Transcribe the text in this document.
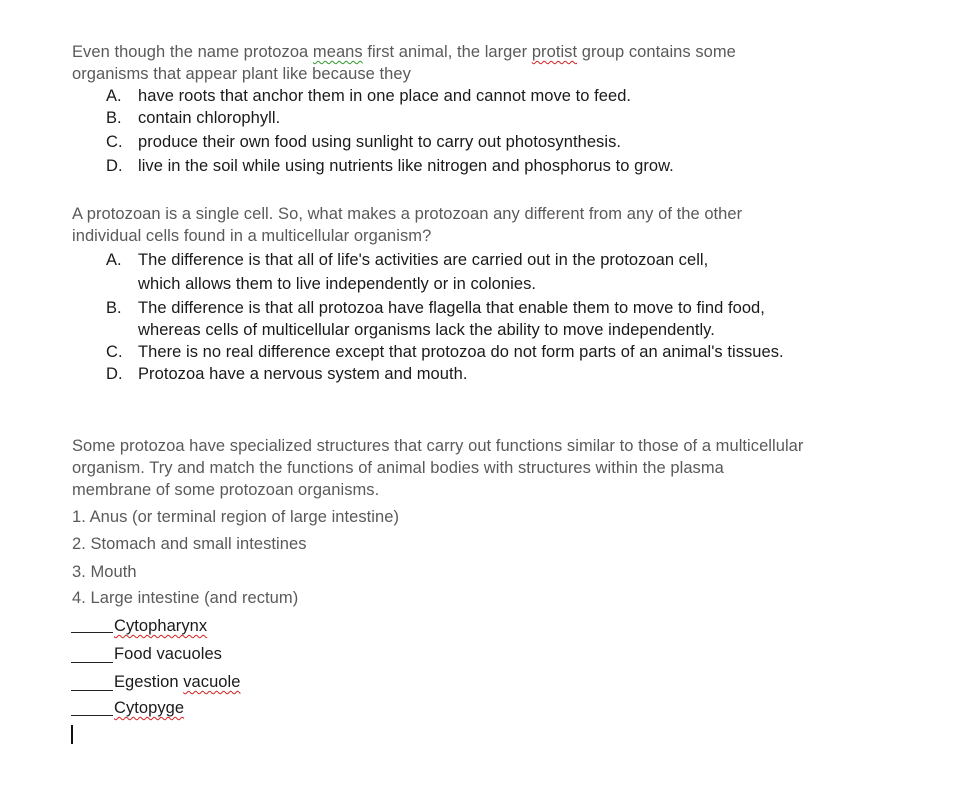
Even though the name protozoa means first animal, the larger protist group contains some
organisms that appear plant like because they
A. have roots that anchor them in one place and cannot move to feed.
B. contain chlorophyll.
C. produce their own food using sunlight to carry out photosynthesis.
D. live in the soil while using nutrients like nitrogen and phosphorus to grow.
A protozoan is a single cell. So, what makes a protozoan any different from any of the other
individual cells found in a multicellular organism?
A. The difference is that all of life's activities are carried out in the protozoan cell,
which allows them to live independently or in colonies.
B. The difference is that all protozoa have flagella that enable them to move to find food,
whereas cells of multicellular organisms lack the ability to move independently.
C. There is no real difference except that protozoa do not form parts of an animal's tissues.
D. Protozoa have a nervous system and mouth.
Some protozoa have specialized structures that carry out functions similar to those of a multicellular
organism. Try and match the functions of animal bodies with structures within the plasma
membrane of some protozoan organisms.
1. Anus (or terminal region of large intestine)
2. Stomach and small intestines
3. Mouth
4. Large intestine (and rectum)
Cytopharynx
Food vacuoles
Egestion vacuole
Cytopyge
